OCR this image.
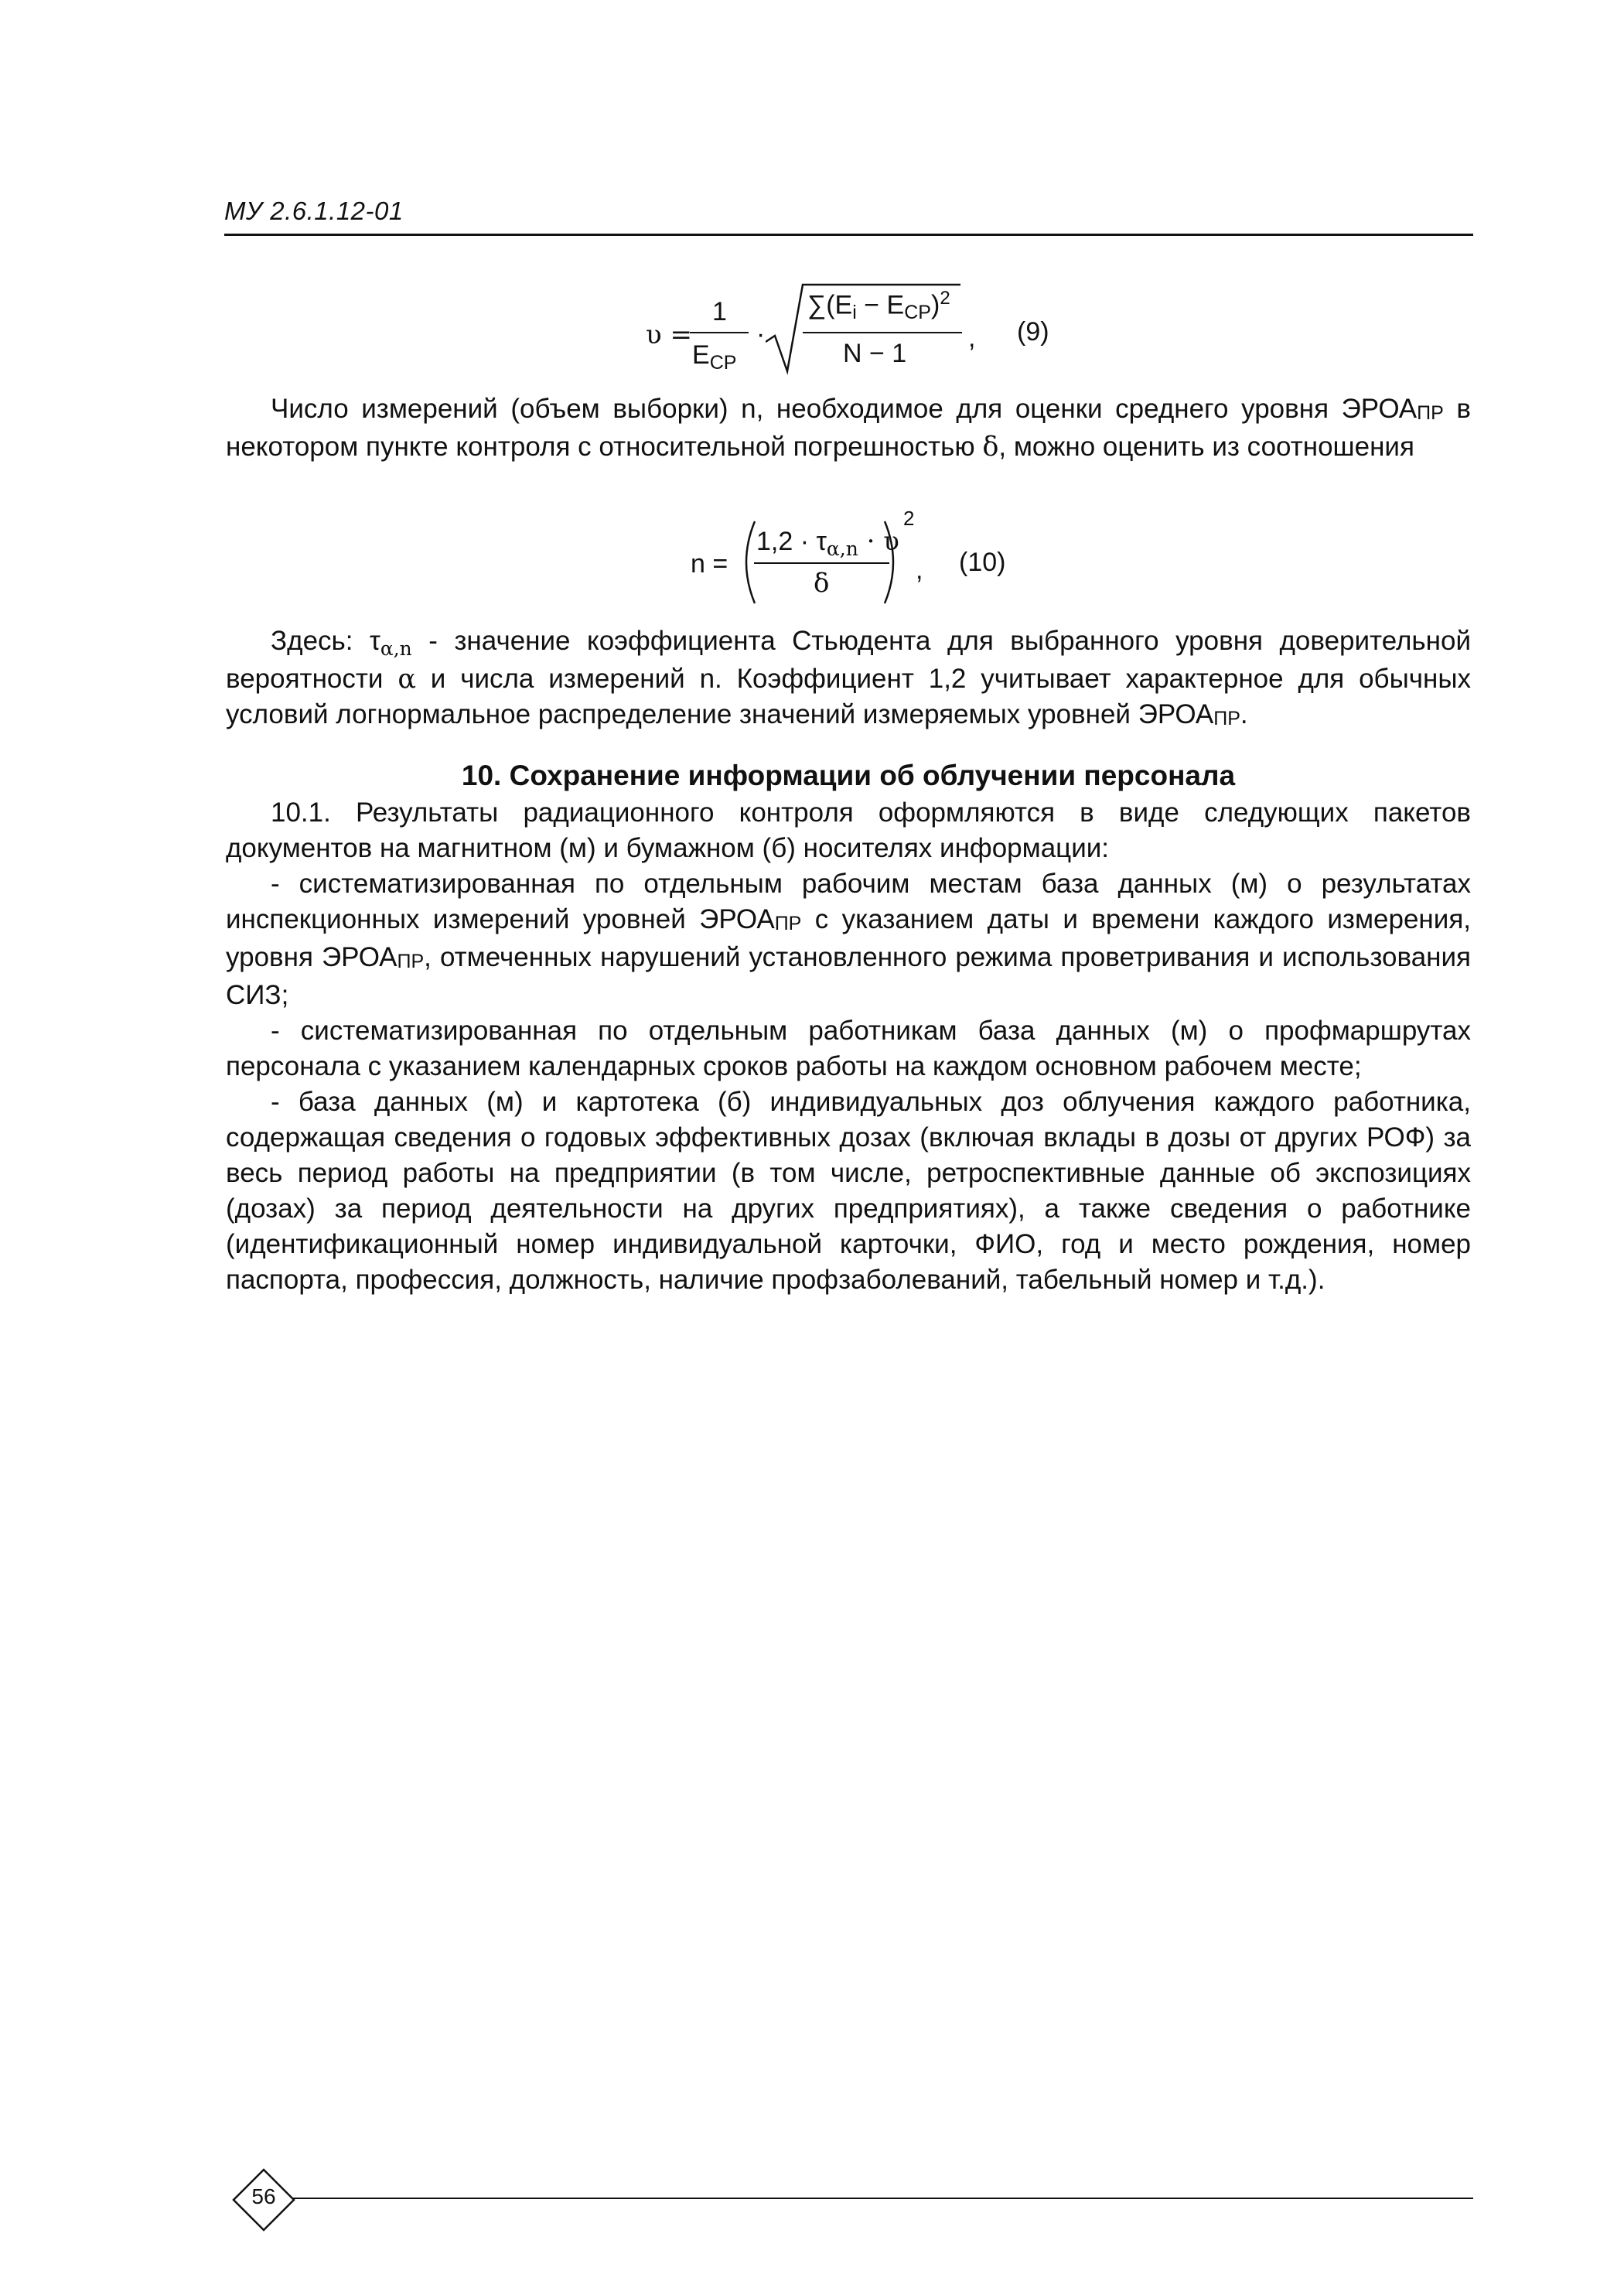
МУ 2.6.1.12-01
υ =
1
$E_{CP}$
·
$\sum(E_i - E_{CP})^2$
N − 1
, (9)

Число измерений (объем выборки) n, необходимое для оценки среднего уровня ЭРОАПР в некотором пункте контроля с относительной погрешностью δ, можно оценить из соотношения

n =
$1,2 \cdot \tau_{\alpha,n} \cdot \upsilon$
δ
2
, (10)

Здесь: $\tau_{\alpha,n}$ - значение коэффициента Стьюдента для выбранного уровня доверительной вероятности α и числа измерений n. Коэффициент 1,2 учитывает характерное для обычных условий логнормальное распределение значений измеряемых уровней ЭРОАПР.

10. Сохранение информации об облучении персонала

10.1. Результаты радиационного контроля оформляются в виде следующих пакетов документов на магнитном (м) и бумажном (б) носителях информации:

- систематизированная по отдельным рабочим местам база данных (м) о результатах инспекционных измерений уровней ЭРОАПР с указанием даты и времени каждого измерения, уровня ЭРОАПР, отмеченных нарушений установленного режима проветривания и использования СИЗ;

- систематизированная по отдельным работникам база данных (м) о профмаршрутах персонала с указанием календарных сроков работы на каждом основном рабочем месте;

- база данных (м) и картотека (б) индивидуальных доз облучения каждого работника, содержащая сведения о годовых эффективных дозах (включая вклады в дозы от других РОФ) за весь период работы на предприятии (в том числе, ретроспективные данные об экспозициях (дозах) за период деятельности на других предприятиях), а также сведения о работнике (идентификационный номер индивидуальной карточки, ФИО, год и место рождения, номер паспорта, профессия, должность, наличие профзаболеваний, табельный номер и т.д.).

56
